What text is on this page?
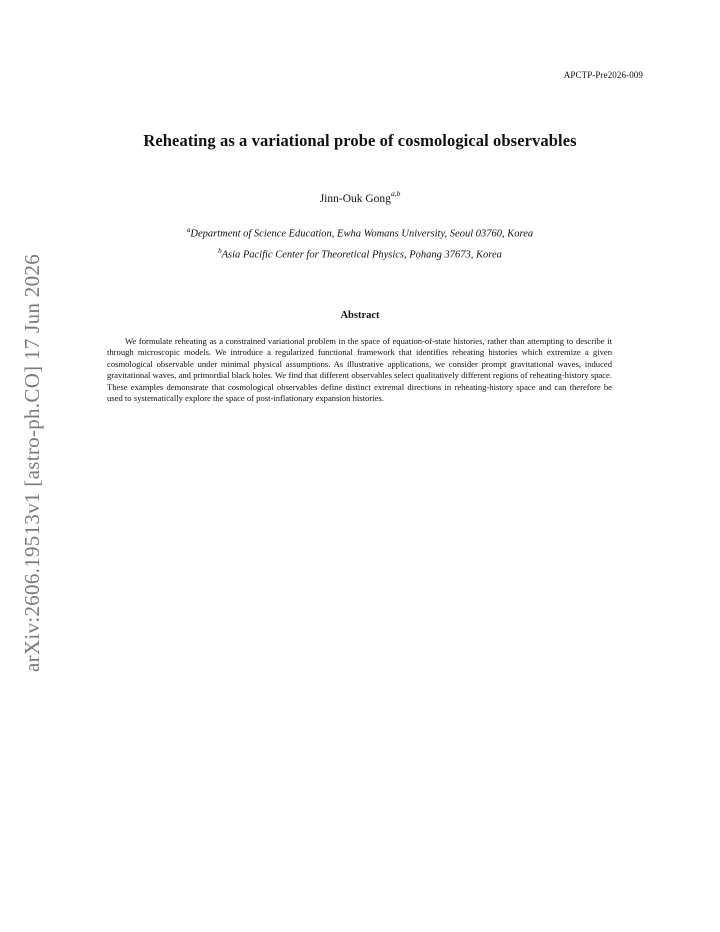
arXiv:2606.19513v1 [astro-ph.CO] 17 Jun 2026
APCTP-Pre2026-009
Reheating as a variational probe of cosmological observables
Jinn-Ouk Gong$^{a,b}$
$^a$Department of Science Education, Ewha Womans University, Seoul 03760, Korea
$^b$Asia Pacific Center for Theoretical Physics, Pohang 37673, Korea
Abstract

We formulate reheating as a constrained variational problem in the space of equation-of-state histories, rather than attempting to describe it through microscopic models. We introduce a regularized functional framework that identifies reheating histories which extremize a given cosmological observable under minimal physical assumptions. As illustrative applications, we consider prompt gravitational waves, induced gravitational waves, and primordial black holes. We find that different observables select qualitatively different regions of reheating-history space. These examples demonstrate that cosmological observables define distinct extremal directions in reheating-history space and can therefore be used to systematically explore the space of post-inflationary expansion histories.
